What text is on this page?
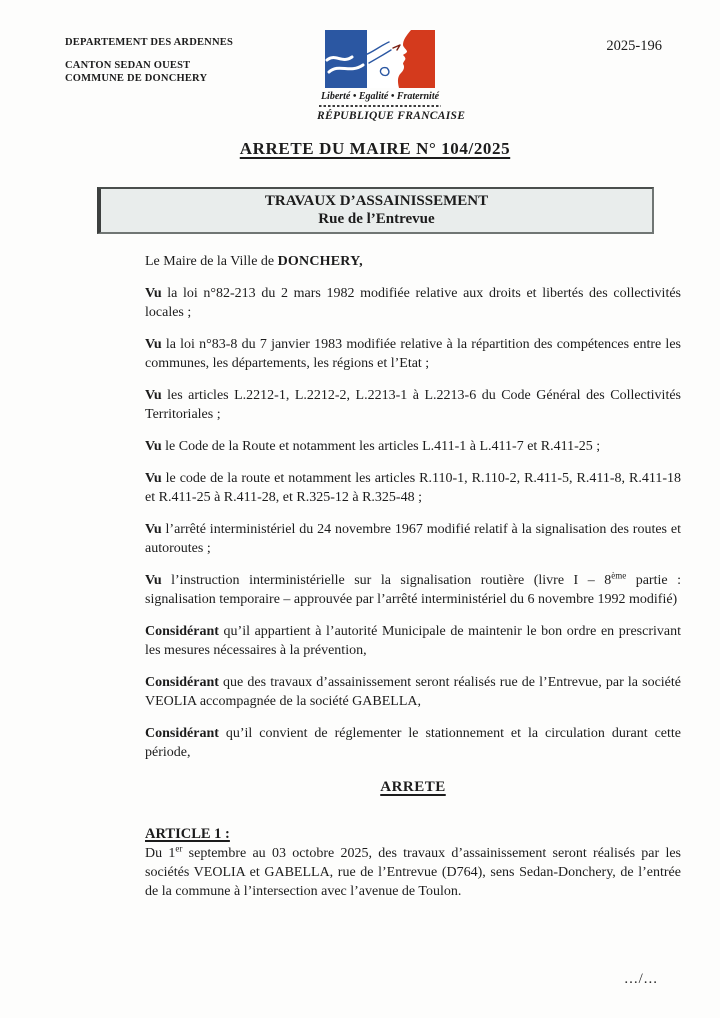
DEPARTEMENT DES ARDENNES
CANTON SEDAN OUEST
COMMUNE DE DONCHERY
2025-196
Liberté • Egalité • Fraternité
RÉPUBLIQUE FRANCAISE
ARRETE DU MAIRE N° 104/2025
TRAVAUX D’ASSAINISSEMENT
Rue de l’Entrevue

Le Maire de la Ville de DONCHERY,

Vu la loi n°82-213 du 2 mars 1982 modifiée relative aux droits et libertés des collectivités locales ;

Vu la loi n°83-8 du 7 janvier 1983 modifiée relative à la répartition des compétences entre les communes, les départements, les régions et l’Etat ;

Vu les articles L.2212-1, L.2212-2, L.2213-1 à L.2213-6 du Code Général des Collectivités Territoriales ;

Vu le Code de la Route et notamment les articles L.411-1 à L.411-7 et R.411-25 ;

Vu le code de la route et notamment les articles R.110-1, R.110-2, R.411-5, R.411-8, R.411-18 et R.411-25 à R.411-28, et R.325-12 à R.325-48 ;

Vu l’arrêté interministériel du 24 novembre 1967 modifié relatif à la signalisation des routes et autoroutes ;

Vu l’instruction interministérielle sur la signalisation routière (livre I – 8ème partie : signalisation temporaire – approuvée par l’arrêté interministériel du 6 novembre 1992 modifié)

Considérant qu’il appartient à l’autorité Municipale de maintenir le bon ordre en prescrivant les mesures nécessaires à la prévention,

Considérant que des travaux d’assainissement seront réalisés rue de l’Entrevue, par la société VEOLIA accompagnée de la société GABELLA,

Considérant qu’il convient de réglementer le stationnement et la circulation durant cette période,

ARRETE

ARTICLE 1 :

Du 1er septembre au 03 octobre 2025, des travaux d’assainissement seront réalisés par les sociétés VEOLIA et GABELLA, rue de l’Entrevue (D764), sens Sedan-Donchery, de l’entrée de la commune à l’intersection avec l’avenue de Toulon.

.../...
